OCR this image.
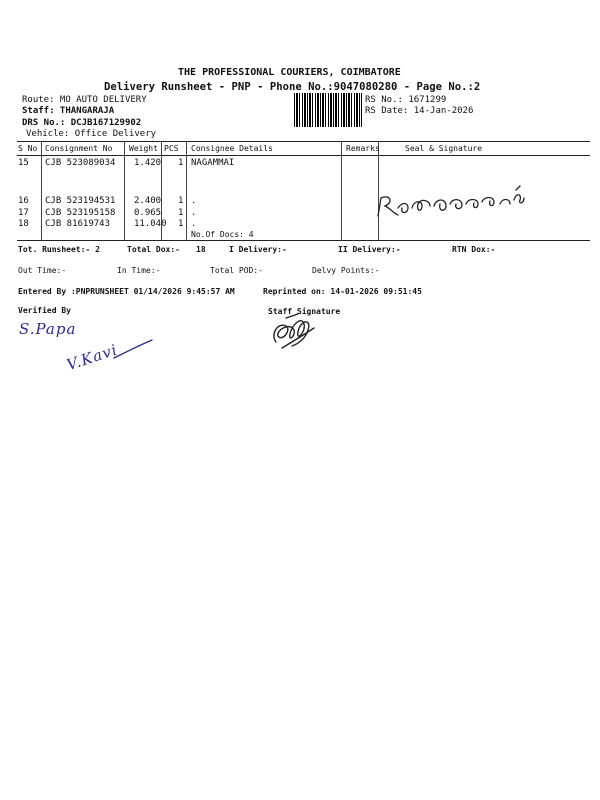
THE PROFESSIONAL COURIERS, COIMBATORE
Delivery Runsheet - PNP - Phone No.:9047080280 - Page No.:2
Route: MO AUTO DELIVERY
Staff: THANGARAJA
DRS No.: DCJB167129902
Vehicle: Office Delivery
RS No.: 1671299
RS Date: 14-Jan-2026
S No Consignment No Weight PCS Consignee Details	Remarks	Seal & Signature
15 CJB 523089034 1.420 1 NAGAMMAI
16 CJB 523194531 2.400 1 .
17 CJB 523195158 0.965 1 .
18 CJB 81619743	11.040 1 .
No.Of Docs: 4
Tot. Runsheet:- 2	Total Dox:- 18	I Delivery:-	II Delivery:-	RTN Dox:-
Out Time:-	In Time:-	Total POD:-	Delvy Points:-
Entered By :PNPRUNSHEET 01/14/2026 9:45:57 AM	Reprinted on: 14-01-2026 09:51:45
Verified By	Staff Signature
S.Papa
V.Kavi
